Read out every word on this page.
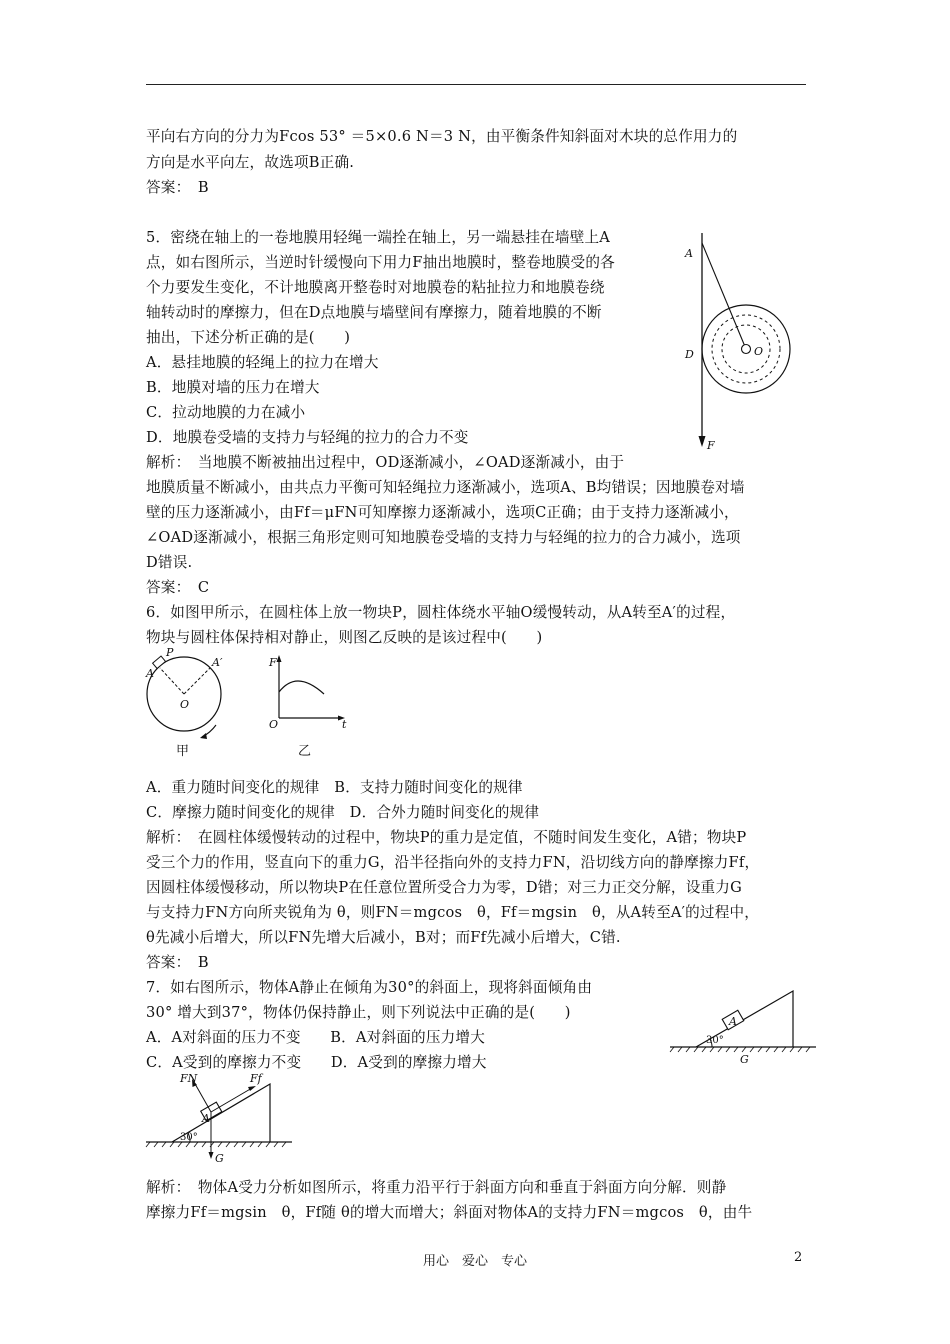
平向右方向的分力为Fcos 53° ＝5×0.6 N＝3 N，由平衡条件知斜面对木块的总作用力的
方向是水平向左，故选项B正确.
答案：　B
5．密绕在轴上的一卷地膜用轻绳一端拴在轴上，另一端悬挂在墙壁上A
点，如右图所示，当逆时针缓慢向下用力F抽出地膜时，整卷地膜受的各
个力要发生变化，不计地膜离开整卷时对地膜卷的粘扯拉力和地膜卷绕
轴转动时的摩擦力，但在D点地膜与墙壁间有摩擦力，随着地膜的不断
抽出，下述分析正确的是(　　)
A．悬挂地膜的轻绳上的拉力在增大
B．地膜对墙的压力在增大
C．拉动地膜的力在减小
D．地膜卷受墙的支持力与轻绳的拉力的合力不变
解析：　当地膜不断被抽出过程中，OD逐渐减小，∠OAD逐渐减小，由于
地膜质量不断减小，由共点力平衡可知轻绳拉力逐渐减小，选项A、B均错误；因地膜卷对墙
壁的压力逐渐减小，由Ff＝μFN可知摩擦力逐渐减小，选项C正确；由于支持力逐渐减小，
∠OAD逐渐减小，根据三角形定则可知地膜卷受墙的支持力与轻绳的拉力的合力减小，选项
D错误.
答案：　C
6．如图甲所示，在圆柱体上放一物块P，圆柱体绕水平轴O缓慢转动，从A转至A′的过程，
物块与圆柱体保持相对静止，则图乙反映的是该过程中(　　)
A．重力随时间变化的规律　B．支持力随时间变化的规律
C．摩擦力随时间变化的规律　D．合外力随时间变化的规律
解析：　在圆柱体缓慢转动的过程中，物块P的重力是定值，不随时间发生变化，A错；物块P
受三个力的作用，竖直向下的重力G，沿半径指向外的支持力FN，沿切线方向的静摩擦力Ff，
因圆柱体缓慢移动，所以物块P在任意位置所受合力为零，D错；对三力正交分解，设重力G
与支持力FN方向所夹锐角为 θ，则FN＝mgcos　θ，Ff＝mgsin　θ，从A转至A′的过程中，
θ先减小后增大，所以FN先增大后减小，B对；而Ff先减小后增大，C错.
答案：　B
7．如右图所示，物体A静止在倾角为30°的斜面上，现将斜面倾角由
30° 增大到37°，物体仍保持静止，则下列说法中正确的是(　　)
A．A对斜面的压力不变　　B．A对斜面的压力增大
C．A受到的摩擦力不变　　D．A受到的摩擦力增大
解析：　物体A受力分析如图所示，将重力沿平行于斜面方向和垂直于斜面方向分解．则静
摩擦力Ff＝mgsin　θ，Ff随 θ的增大而增大；斜面对物体A的支持力FN＝mgcos　θ，由牛
A
D	O
F
P
A
A′
O
甲
F
O	t
乙
A
30°
G
FN	Ff
A
30°
G
用心　爱心　专心	2
